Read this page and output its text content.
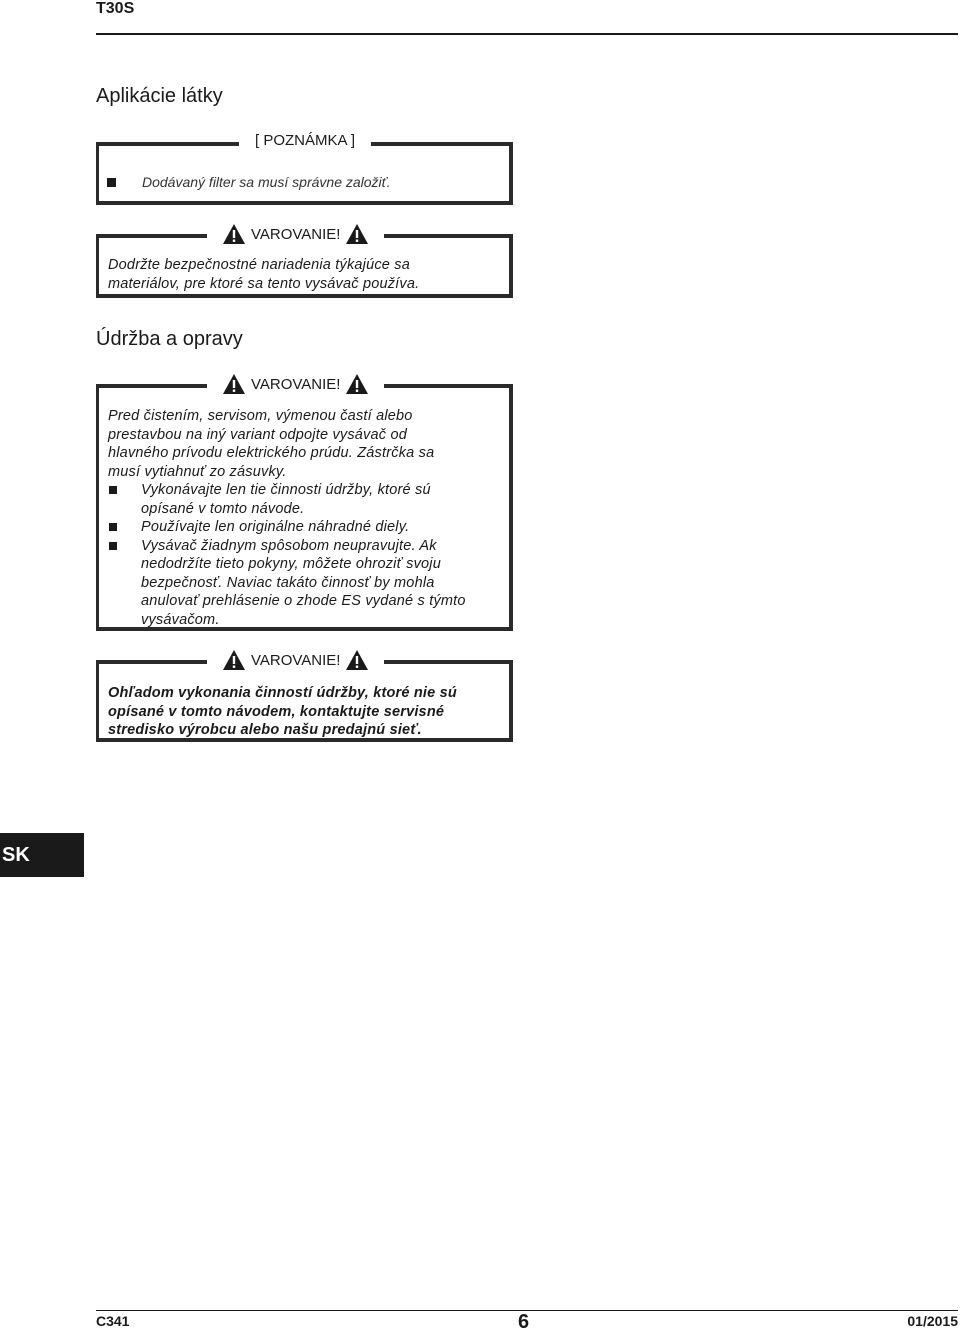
T30S
Aplikácie látky
[ POZNÁMKA ]
Dodávaný filter sa musí správne založiť.
VAROVANIE!
Dodržte bezpečnostné nariadenia týkajúce sa
materiálov, pre ktoré sa tento vysávač používa.
Údržba a opravy
VAROVANIE!
Pred čistením, servisom, výmenou častí alebo
prestavbou na iný variant odpojte vysávač od
hlavného prívodu elektrického prúdu. Zástrčka sa
musí vytiahnuť zo zásuvky.
Vykonávajte len tie činnosti údržby, ktoré sú
opísané v tomto návode.
Používajte len originálne náhradné diely.
Vysávač žiadnym spôsobom neupravujte. Ak
nedodržíte tieto pokyny, môžete ohroziť svoju
bezpečnosť. Naviac takáto činnosť by mohla
anulovať prehlásenie o zhode ES vydané s týmto
vysávačom.
VAROVANIE!
Ohľadom vykonania činností údržby, ktoré nie sú
opísané v tomto návodem, kontaktujte servisné
stredisko výrobcu alebo našu predajnú sieť.
SK
C341	6	01/2015
